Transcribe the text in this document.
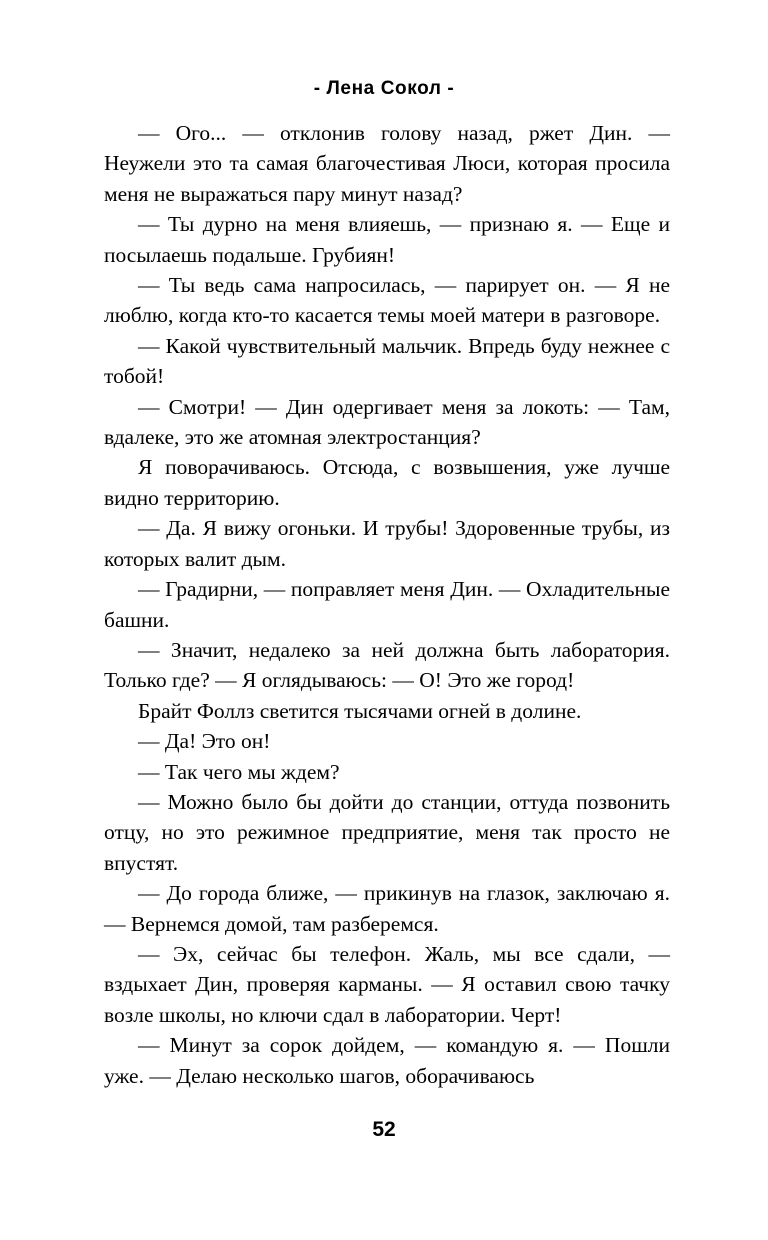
- Лена Сокол -

— Ого... — отклонив голову назад, ржет Дин. — Неужели это та самая благочестивая Люси, которая просила меня не выражаться пару минут назад?

— Ты дурно на меня влияешь, — признаю я. — Еще и посылаешь подальше. Грубиян!

— Ты ведь сама напросилась, — парирует он. — Я не люблю, когда кто-то касается темы моей матери в разговоре.

— Какой чувствительный мальчик. Впредь буду нежнее с тобой!

— Смотри! — Дин одергивает меня за локоть: — Там, вдалеке, это же атомная электростанция?

Я поворачиваюсь. Отсюда, с возвышения, уже лучше видно территорию.

— Да. Я вижу огоньки. И трубы! Здоровенные трубы, из которых валит дым.

— Градирни, — поправляет меня Дин. — Охладительные башни.

— Значит, недалеко за ней должна быть лаборатория. Только где? — Я оглядываюсь: — О! Это же город!

Брайт Фоллз светится тысячами огней в долине.

— Да! Это он!

— Так чего мы ждем?

— Можно было бы дойти до станции, оттуда позвонить отцу, но это режимное предприятие, меня так просто не впустят.

— До города ближе, — прикинув на глазок, заключаю я. — Вернемся домой, там разберемся.

— Эх, сейчас бы телефон. Жаль, мы все сдали, — вздыхает Дин, проверяя карманы. — Я оставил свою тачку возле школы, но ключи сдал в лаборатории. Черт!

— Минут за сорок дойдем, — командую я. — Пошли уже. — Делаю несколько шагов, оборачиваюсь

52
